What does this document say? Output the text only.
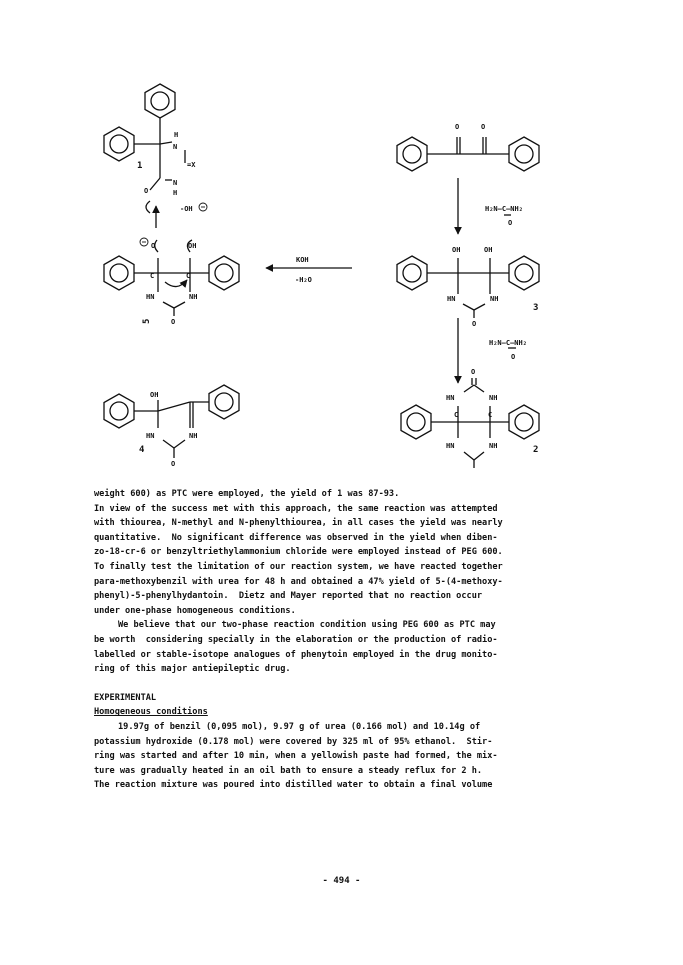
H
N
=X
N
H
O
1
-OH
O	O
H₂N—C—NH₂
O
OH	OH
HN	NH
O
3
H₂N—C—NH₂
O
O
HN	NH
C	C
HN	NH	2
KOH
-H₂O
O	OH
C	C
HN	NH
O
5
OH
HN	NH
O
4
weight 600) as PTC were employed, the yield of 1 was 87-93.
In view of the success met with this approach, the same reaction was attempted
with thiourea, N-methyl and N-phenylthiourea, in all cases the yield was nearly
quantitative.  No significant difference was observed in the yield when diben-
zo-18-cr-6 or benzyltriethylammonium chloride were employed instead of PEG 600.
To finally test the limitation of our reaction system, we have reacted together
para-methoxybenzil with urea for 48 h and obtained a 47% yield of 5-(4-methoxy-
phenyl)-5-phenylhydantoin.  Dietz and Mayer reported that no reaction occur
under one-phase homogeneous conditions.
We believe that our two-phase reaction condition using PEG 600 as PTC may
be worth  considering specially in the elaboration or the production of radio-
labelled or stable-isotope analogues of phenytoin employed in the drug monito-
ring of this major antiepileptic drug.
EXPERIMENTAL
Homogeneous conditions
19.97g of benzil (0,095 mol), 9.97 g of urea (0.166 mol) and 10.14g of
potassium hydroxide (0.178 mol) were covered by 325 ml of 95% ethanol.  Stir-
ring was started and after 10 min, when a yellowish paste had formed, the mix-
ture was gradually heated in an oil bath to ensure a steady reflux for 2 h.
The reaction mixture was poured into distilled water to obtain a final volume
- 494 -
